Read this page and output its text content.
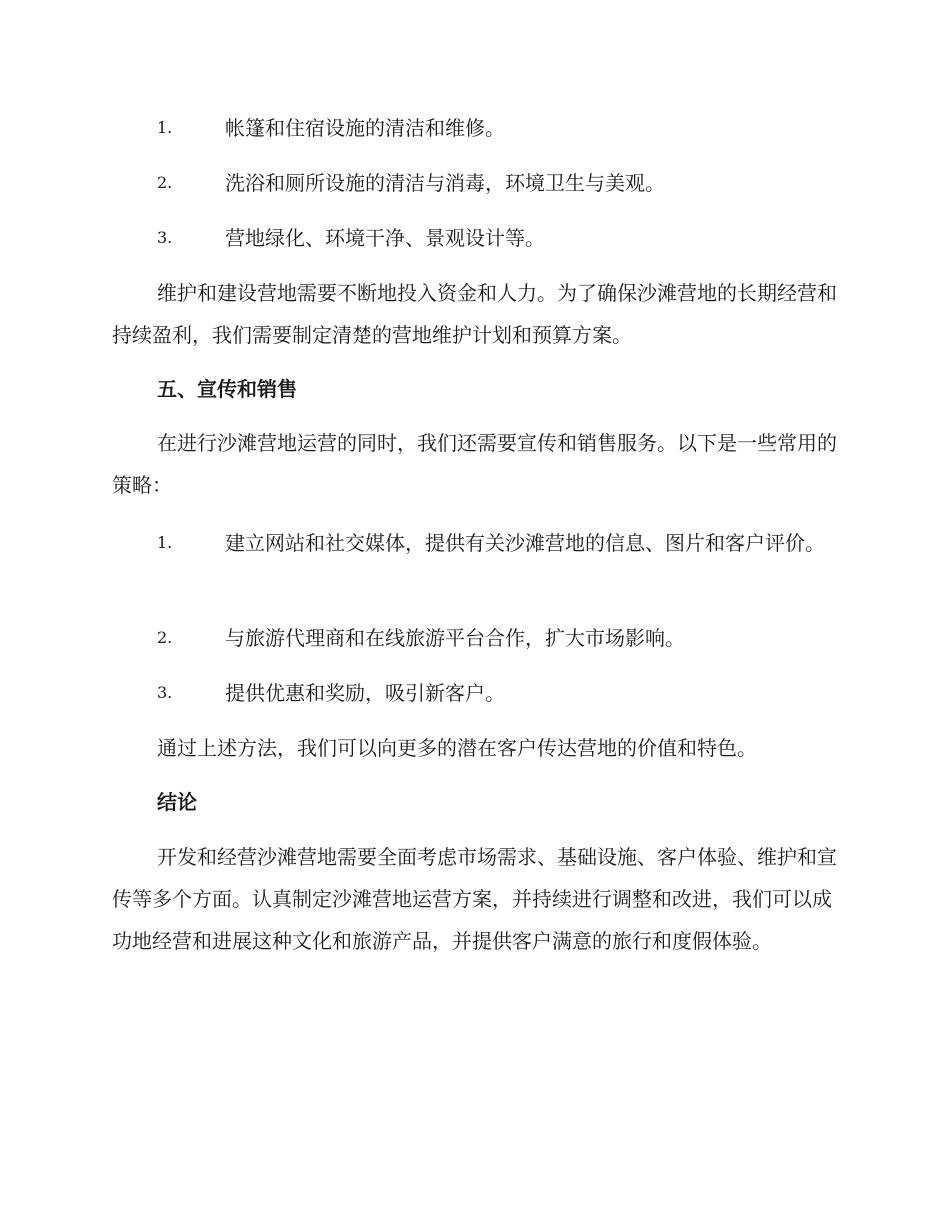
1.	帐篷和住宿设施的清洁和维修。
2.	洗浴和厕所设施的清洁与消毒，环境卫生与美观。
3.	营地绿化、环境干净、景观设计等。
维护和建设营地需要不断地投入资金和人力。为了确保沙滩营地的长期经营和持续盈利，我们需要制定清楚的营地维护计划和预算方案。
五、宣传和销售
在进行沙滩营地运营的同时，我们还需要宣传和销售服务。以下是一些常用的策略：
1.	建立网站和社交媒体，提供有关沙滩营地的信息、图片和客户评价。
2.	与旅游代理商和在线旅游平台合作，扩大市场影响。
3.	提供优惠和奖励，吸引新客户。
通过上述方法，我们可以向更多的潜在客户传达营地的价值和特色。
结论
开发和经营沙滩营地需要全面考虑市场需求、基础设施、客户体验、维护和宣传等多个方面。认真制定沙滩营地运营方案，并持续进行调整和改进，我们可以成功地经营和进展这种文化和旅游产品，并提供客户满意的旅行和度假体验。
